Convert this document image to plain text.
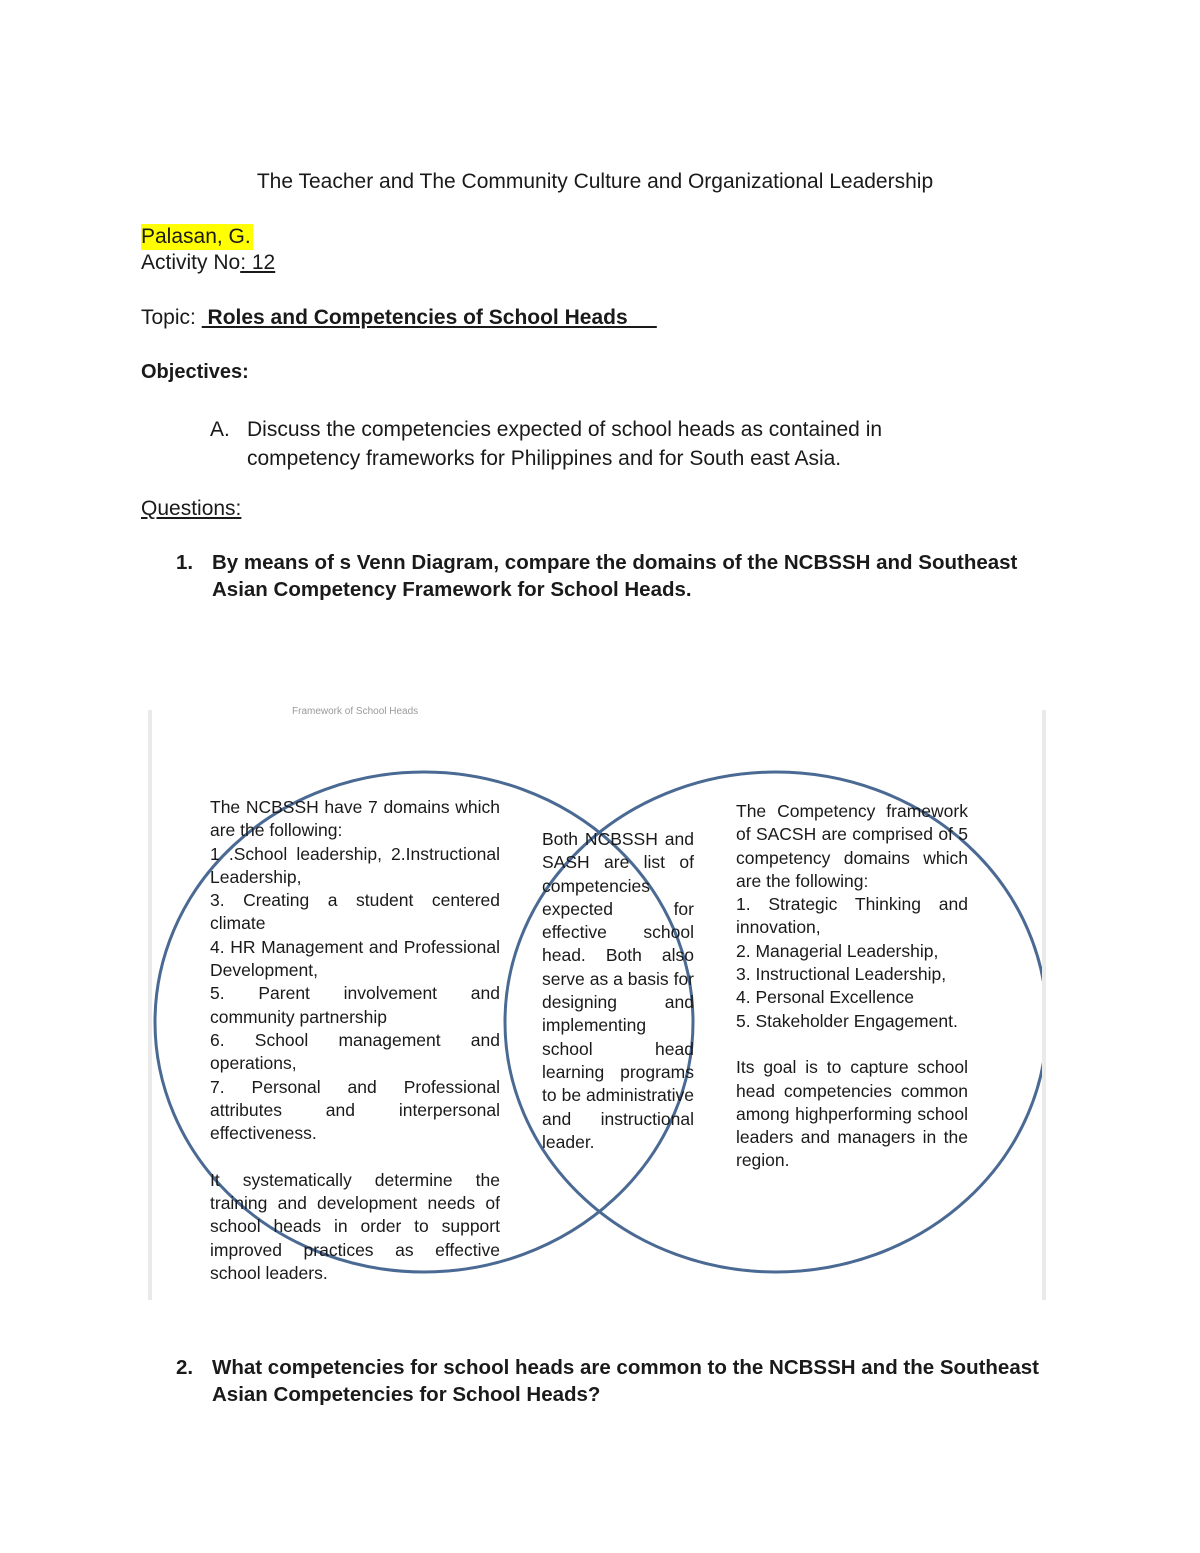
The Teacher and The Community Culture and Organizational Leadership
Palasan, G.
Activity No: 12
Topic:  Roles and Competencies of School Heads
Objectives:
A. Discuss the competencies expected of school heads as contained in competency frameworks for Philippines and for South east Asia.
Questions:
1. By means of s Venn Diagram, compare the domains of the NCBSSH and Southeast Asian Competency Framework for School Heads.
Framework of School Heads
The NCBSSH have 7 domains which are the following:
1 .School leadership, 2.Instructional Leadership,
3. Creating a student centered climate
4. HR Management and Professional Development,
5. Parent involvement and community partnership
6. School management and operations,
7. Personal and Professional attributes and interpersonal effectiveness.

It systematically determine the training and development needs of school heads in order to support improved practices as effective school leaders.
Both NCBSSH and SASH are list of competencies expected for effective school head. Both also serve as a basis for designing and implementing school head learning programs to be administrative and instructional leader.
The Competency framework of SACSH are comprised of 5 competency domains which are the following:
1. Strategic Thinking and innovation,
2. Managerial Leadership,
3. Instructional Leadership,
4. Personal Excellence
5. Stakeholder Engagement.

Its goal is to capture school head competencies common among highperforming school leaders and managers in the region.
2. What competencies for school heads are common to the NCBSSH and the Southeast Asian Competencies for School Heads?
